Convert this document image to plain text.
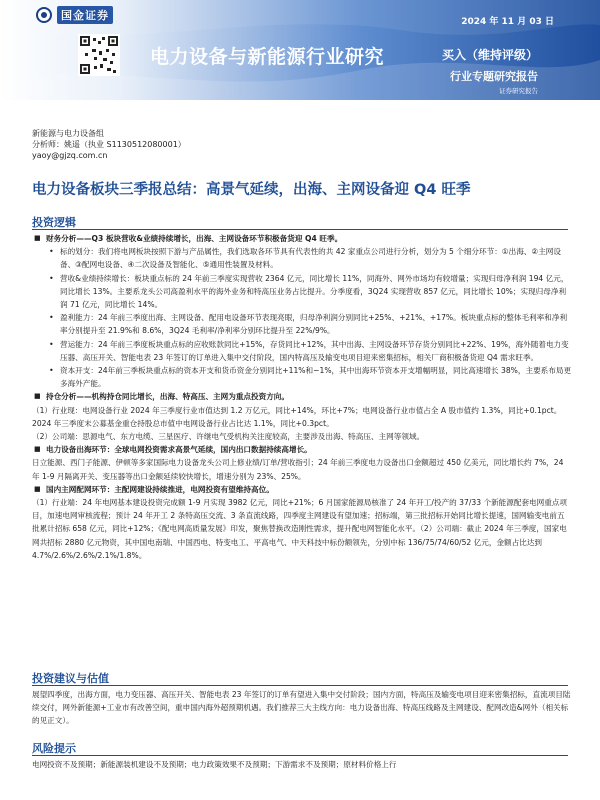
国金证券	2024 年 11 月 03 日
电力设备与新能源行业研究	买入（维持评级）
行业专题研究报告
证券研究报告
新能源与电力设备组
分析师：姚遥（执业 S1130512080001）
yaoy@gjzq.com.cn
电力设备板块三季报总结：高景气延续，出海、主网设备迎 Q4 旺季
投资逻辑

■ 财务分析——Q3 板块营收&业绩持续增长，出海、主网设备环节积极备货迎 Q4 旺季。

• 标的划分：我们将电网板块按照下游与产品属性，我们选取各环节具有代表性的共 42 家重点公司进行分析，划分为 5 个细分环节：①出海、②主网设备、③配网电设备、④二次设备及智能化、⑤通用性装置及材料。

• 营收&业绩持续增长：板块重点标的 24 年前三季度实现营收 2364 亿元，同比增长 11%，同海外、网外市场均有较增量；实现归母净利润 194 亿元，同比增长 13%。主要系龙头公司高盈利水平的海外业务和特高压业务占比提升。分季度看，3Q24 实现营收 857 亿元，同比增长 10%；实现归母净利润 71 亿元，同比增长 14%。

• 盈利能力：24 年前三季度出海、主网设备、配用电设备环节表现亮眼，归母净利润分别同比+25%、+21%、+17%。板块重点标的整体毛利率和净利率分别提升至 21.9%和 8.6%，3Q24 毛利率/净利率分别环比提升至 22%/9%。

• 营运能力：24 年前三季度板块重点标的应收账款同比+15%，存货同比+12%，其中出海、主网设备环节存货分别同比+22%、19%，海外随着电力变压器、高压开关、智能电表 23 年签订的订单进入集中交付阶段，国内特高压及输变电项目迎来密集招标，相关厂商积极备货迎 Q4 需求旺季。

• 资本开支：24年前三季板块重点标的资本开支和货币资金分别同比+11%和−1%，其中出海环节资本开支增幅明显，同比高速增长 38%，主要系布局更多海外产能。

■ 持仓分析——机构持仓同比增长，出海、特高压、主网为重点投资方向。

（1）行业现：电网设备行业 2024 年三季度行业市值达到 1.2 万亿元，同比+14%，环比+7%；电网设备行业市值占全 A 股市值约 1.3%，同比+0.1pct。2024 年三季度末公募基金重仓持股总市值中电网设备行业占比达 1.1%，同比+0.3pct。

（2）公司端：思源电气、东方电缆、三星医疗、许继电气受机构关注度较高，主要涉及出海、特高压、主网等领域。

■ 电力设备出海环节：全球电网投资需求高景气延续，国内出口数据持续高增长。

日立能源、西门子能源、伊顿等多家国际电力设备龙头公司上修业绩/订单/营收指引；24 年前三季度电力设备出口金额超过 450 亿美元，同比增长约 7%，24 年 1-9 月隔离开关、变压器等出口金额延续较快增长，增速分别为 23%、25%。

■ 国内主网配网环节：主配网建设持续推进，电网投资有望维持高位。

（1）行业端：24 年电网基本建设投资完成额 1-9 月实现 3982 亿元，同比+21%；6 月国家能源局核准了 24 年开工/投产的 37/33 个新能源配套电网重点项目，加速电网审核流程；预计 24 年开工 2 条特高压交流、3 条直流线路，四季度主网建设有望加速；招标端，第三批招标开始同比增长提速，国网输变电前五批累计招标 658 亿元，同比+12%；《配电网高质量发展》印发，聚焦替换改造刚性需求，提升配电网智能化水平。（2）公司端：截止 2024 年三季度，国家电网共招标 2880 亿元物资，其中国电南瑞、中国西电、特变电工、平高电气、中天科技中标份额领先，分别中标 136/75/74/60/52 亿元，金额占比达到 4.7%/2.6%/2.6%/2.1%/1.8%。

投资建议与估值

展望四季度，出海方面，电力变压器、高压开关、智能电表 23 年签订的订单有望进入集中交付阶段；国内方面，特高压及输变电项目迎来密集招标，直流项目陆续交付，网外新能源+工业市有改善空间，重申国内海外超预期机遇。我们推荐三大主线方向：电力设备出海、特高压线路及主网建设、配网改造&网外（相关标的见正文）。

风险提示

电网投资不及预期；新能源装机建设不及预期；电力政策效果不及预期；下游需求不及预期；原材料价格上行
